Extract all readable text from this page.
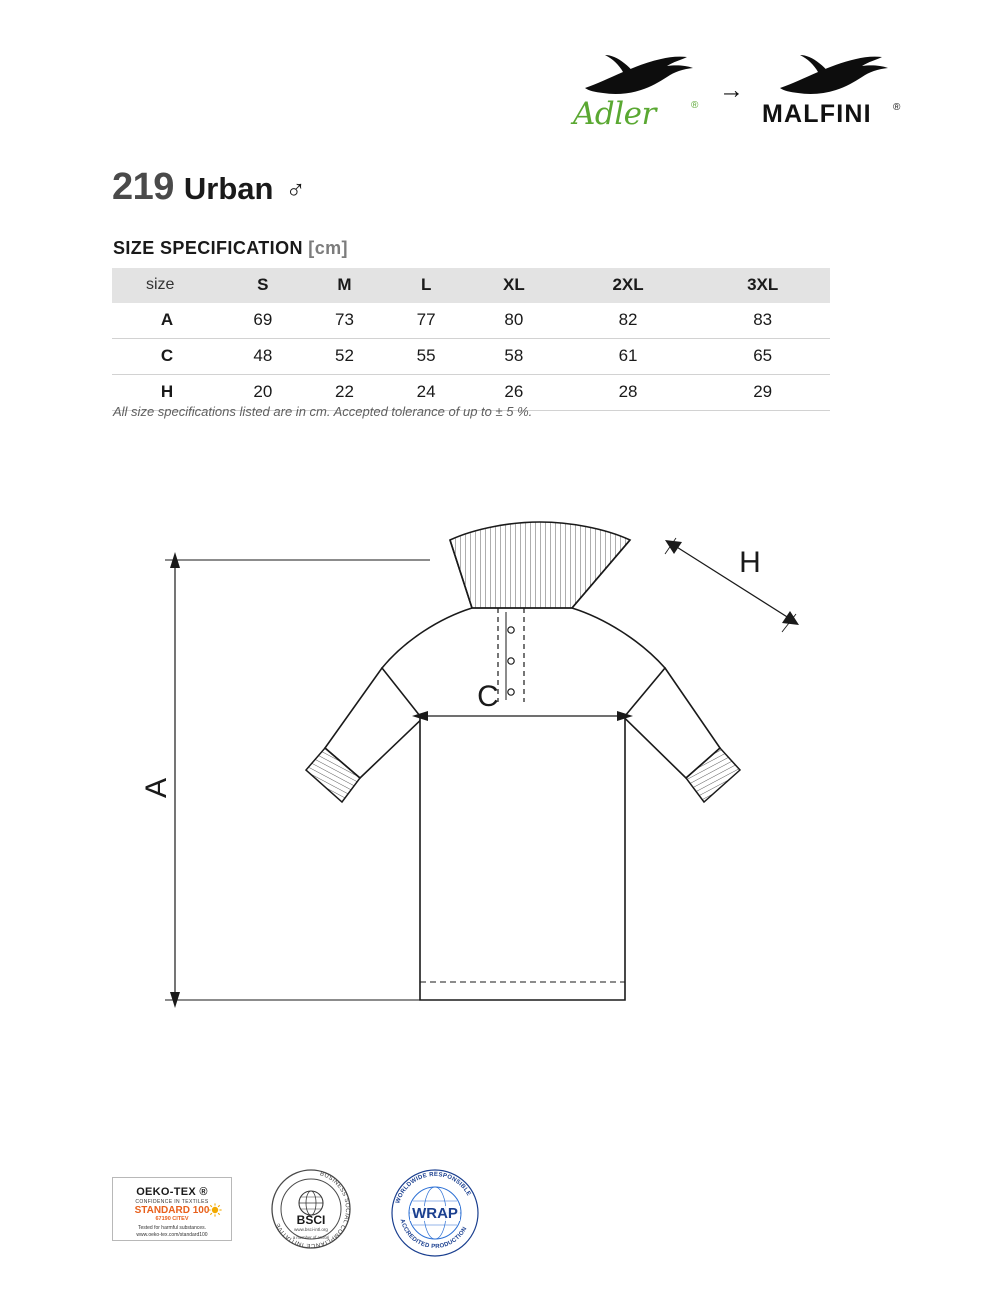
Adler	®
→
MALFINI ®
219 Urban ♂
SIZE SPECIFICATION [cm]
size	S	M	L	XL	2XL	3XL
A	69	73	77	80	82	83
C	48	52	55	58	61	65
H	20	22	24	26	28	29
All size specifications listed are in cm. Accepted tolerance of up to ± 5 %.
A
C
H
OEKO-TEX ®
CONFIDENCE IN TEXTILES
STANDARD 100
67190 CITEV
Tested for harmful substances.
www.oeko-tex.com/standard100
BUSINESS SOCIAL COMPLIANCE INITIATIVE	BSCI
www.bsci-intl.org
a member of amfori
WORLDWIDE RESPONSIBLE
ACCREDITED PRODUCTION
WRAP
